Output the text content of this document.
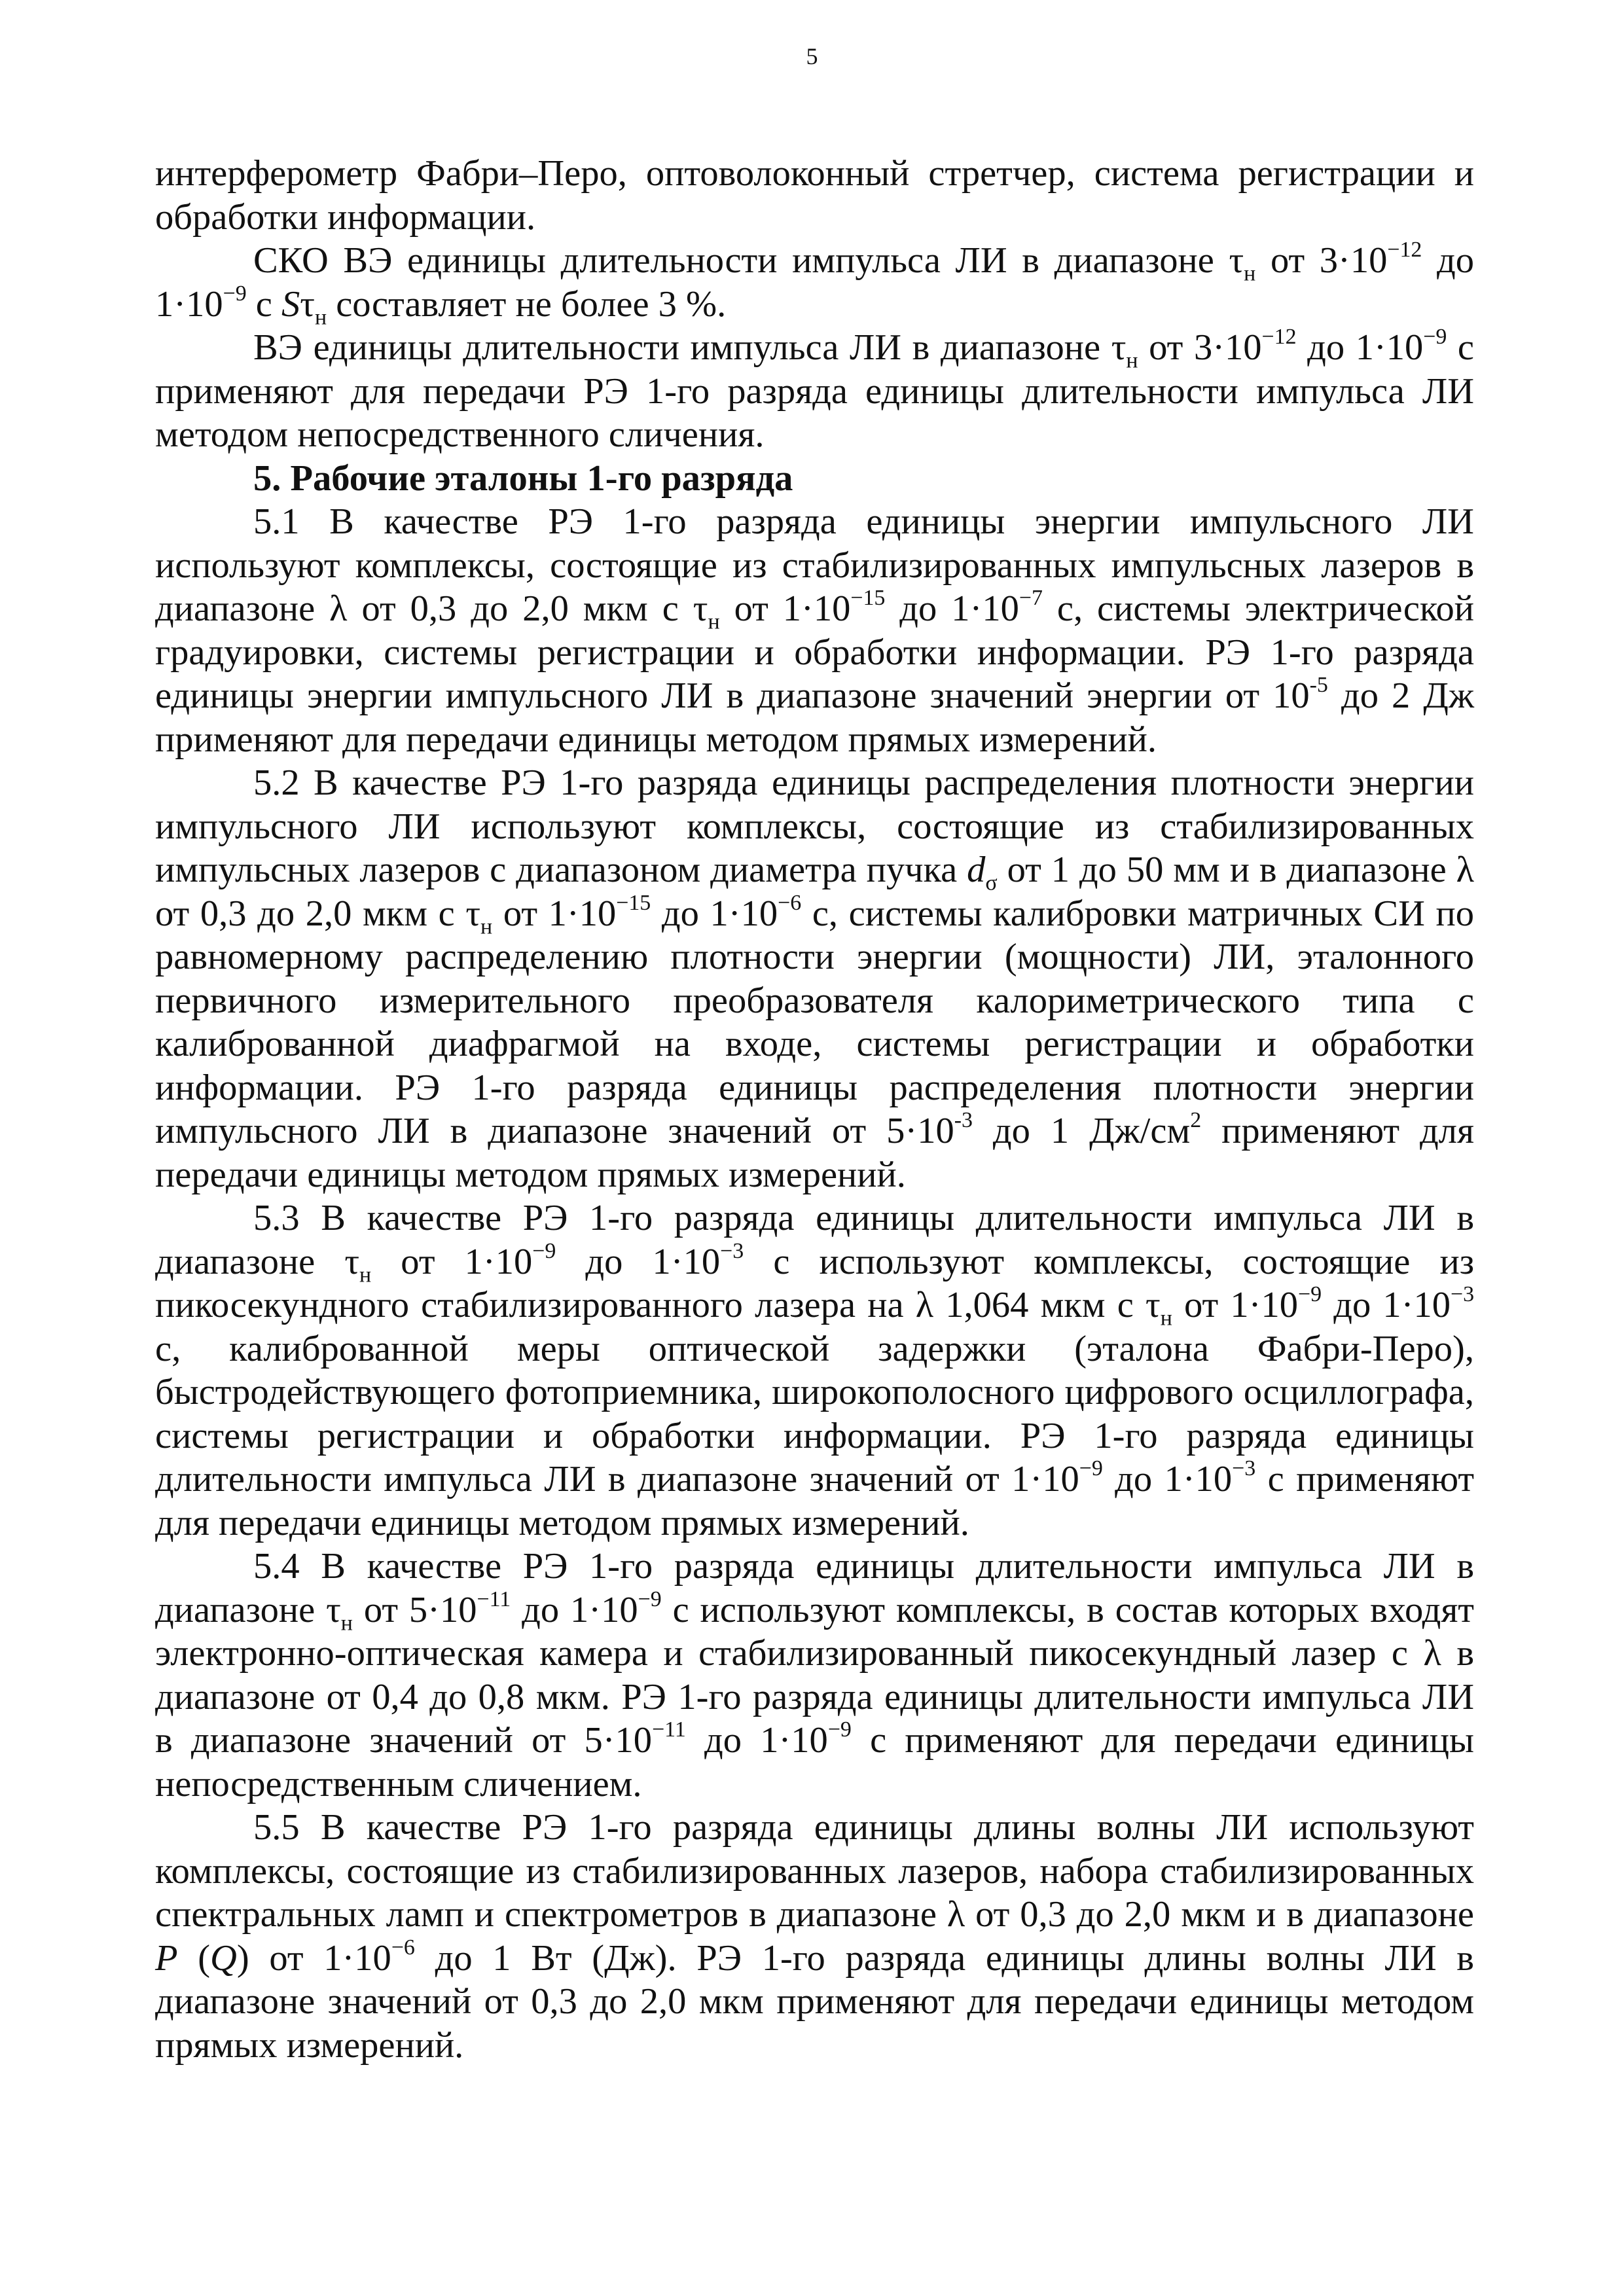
5

интерферометр Фабри–Перо, оптоволоконный стретчер, система регистрации и обработки информации.

СКО ВЭ единицы длительности импульса ЛИ в диапазоне $\tau_н$ от $3\cdot 10^{-12}$ до $1\cdot 10^{-9}$ с $S\tau_н$ составляет не более 3 %.

ВЭ единицы длительности импульса ЛИ в диапазоне $\tau_н$ от $3\cdot 10^{-12}$ до $1\cdot 10^{-9}$ с применяют для передачи РЭ 1-го разряда единицы длительности импульса ЛИ методом непосредственного сличения.

5. Рабочие эталоны 1-го разряда

5.1 В качестве РЭ 1-го разряда единицы энергии импульсного ЛИ используют комплексы, состоящие из стабилизированных импульсных лазеров в диапазоне λ от 0,3 до 2,0 мкм с $\tau_н$ от $1\cdot 10^{-15}$ до $1\cdot 10^{-7}$ с, системы электрической градуировки, системы регистрации и обработки информации. РЭ 1-го разряда единицы энергии импульсного ЛИ в диапазоне значений энергии от $10^{-5}$ до 2 Дж применяют для передачи единицы методом прямых измерений.

5.2 В качестве РЭ 1-го разряда единицы распределения плотности энергии импульсного ЛИ используют комплексы, состоящие из стабилизированных импульсных лазеров с диапазоном диаметра пучка $d_\sigma$ от 1 до 50 мм и в диапазоне λ от 0,3 до 2,0 мкм с $\tau_н$ от $1\cdot 10^{-15}$ до $1\cdot 10^{-6}$ с, системы калибровки матричных СИ по равномерному распределению плотности энергии (мощности) ЛИ, эталонного первичного измерительного преобразователя калориметрического типа с калиброванной диафрагмой на входе, системы регистрации и обработки информации. РЭ 1-го разряда единицы распределения плотности энергии импульсного ЛИ в диапазоне значений от $5\cdot 10^{-3}$ до 1 $Дж/см^2$ применяют для передачи единицы методом прямых измерений.

5.3 В качестве РЭ 1-го разряда единицы длительности импульса ЛИ в диапазоне $\tau_н$ от $1\cdot 10^{-9}$ до $1\cdot 10^{-3}$ с используют комплексы, состоящие из пикосекундного стабилизированного лазера на λ 1,064 мкм с $\tau_н$ от $1\cdot 10^{-9}$ до $1\cdot 10^{-3}$ с, калиброванной меры оптической задержки (эталона Фабри-Перо), быстродействующего фотоприемника, широкополосного цифрового осциллографа, системы регистрации и обработки информации. РЭ 1-го разряда единицы длительности импульса ЛИ в диапазоне значений от $1\cdot 10^{-9}$ до $1\cdot 10^{-3}$ с применяют для передачи единицы методом прямых измерений.

5.4 В качестве РЭ 1-го разряда единицы длительности импульса ЛИ в диапазоне $\tau_н$ от $5\cdot 10^{-11}$ до $1\cdot 10^{-9}$ с используют комплексы, в состав которых входят электронно-оптическая камера и стабилизированный пикосекундный лазер с λ в диапазоне от 0,4 до 0,8 мкм. РЭ 1-го разряда единицы длительности импульса ЛИ в диапазоне значений от $5\cdot 10^{-11}$ до $1\cdot 10^{-9}$ с применяют для передачи единицы непосредственным сличением.

5.5 В качестве РЭ 1-го разряда единицы длины волны ЛИ используют комплексы, состоящие из стабилизированных лазеров, набора стабилизированных спектральных ламп и спектрометров в диапазоне λ от 0,3 до 2,0 мкм и в диапазоне P (Q) от $1\cdot 10^{-6}$ до 1 Вт (Дж). РЭ 1-го разряда единицы длины волны ЛИ в диапазоне значений от 0,3 до 2,0 мкм применяют для передачи единицы методом прямых измерений.
